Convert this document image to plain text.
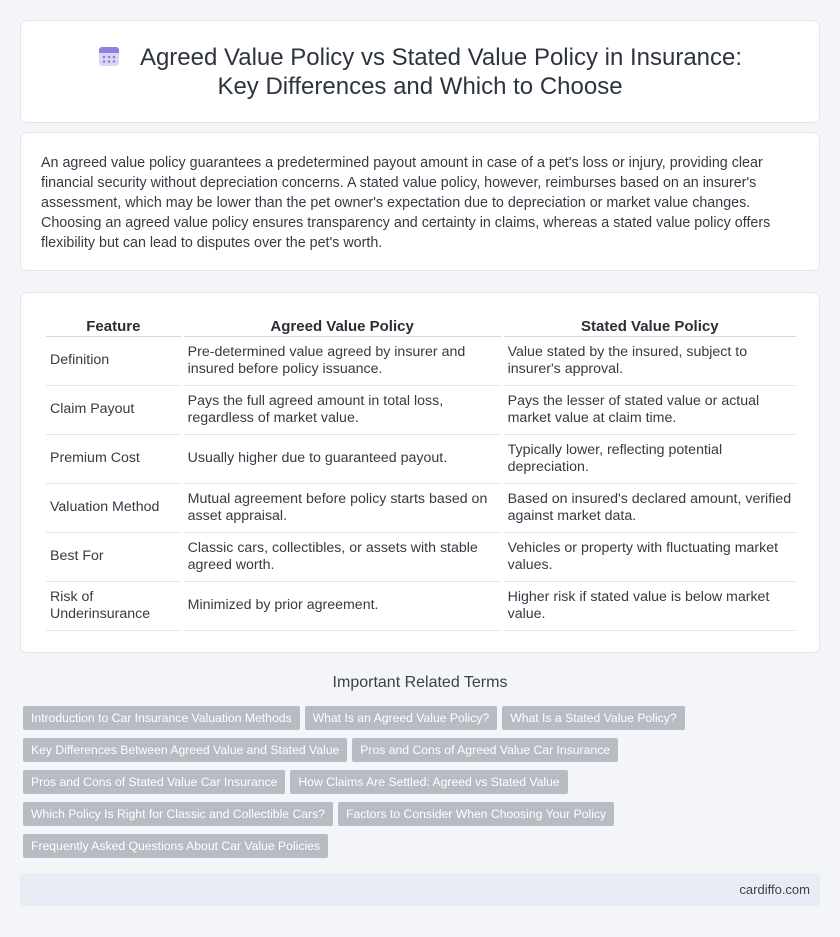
Agreed Value Policy vs Stated Value Policy in Insurance: Key Differences and Which to Choose

An agreed value policy guarantees a predetermined payout amount in case of a pet's loss or injury, providing clear financial security without depreciation concerns. A stated value policy, however, reimburses based on an insurer's assessment, which may be lower than the pet owner's expectation due to depreciation or market value changes. Choosing an agreed value policy ensures transparency and certainty in claims, whereas a stated value policy offers flexibility but can lead to disputes over the pet's worth.

Feature	Agreed Value Policy	Stated Value Policy
Definition	Pre-determined value agreed by insurer and insured before policy issuance.	Value stated by the insured, subject to insurer's approval.
Claim Payout	Pays the full agreed amount in total loss, regardless of market value.	Pays the lesser of stated value or actual market value at claim time.
Premium Cost	Usually higher due to guaranteed payout.	Typically lower, reflecting potential depreciation.
Valuation Method	Mutual agreement before policy starts based on asset appraisal.	Based on insured's declared amount, verified against market data.
Best For	Classic cars, collectibles, or assets with stable agreed worth.	Vehicles or property with fluctuating market values.
Risk of Underinsurance	Minimized by prior agreement.	Higher risk if stated value is below market value.
Important Related Terms
Introduction to Car Insurance Valuation Methods What Is an Agreed Value Policy? What Is a Stated Value Policy?
Key Differences Between Agreed Value and Stated Value Pros and Cons of Agreed Value Car Insurance
Pros and Cons of Stated Value Car Insurance How Claims Are Settled: Agreed vs Stated Value
Which Policy Is Right for Classic and Collectible Cars? Factors to Consider When Choosing Your Policy
Frequently Asked Questions About Car Value Policies
cardiffo.com
